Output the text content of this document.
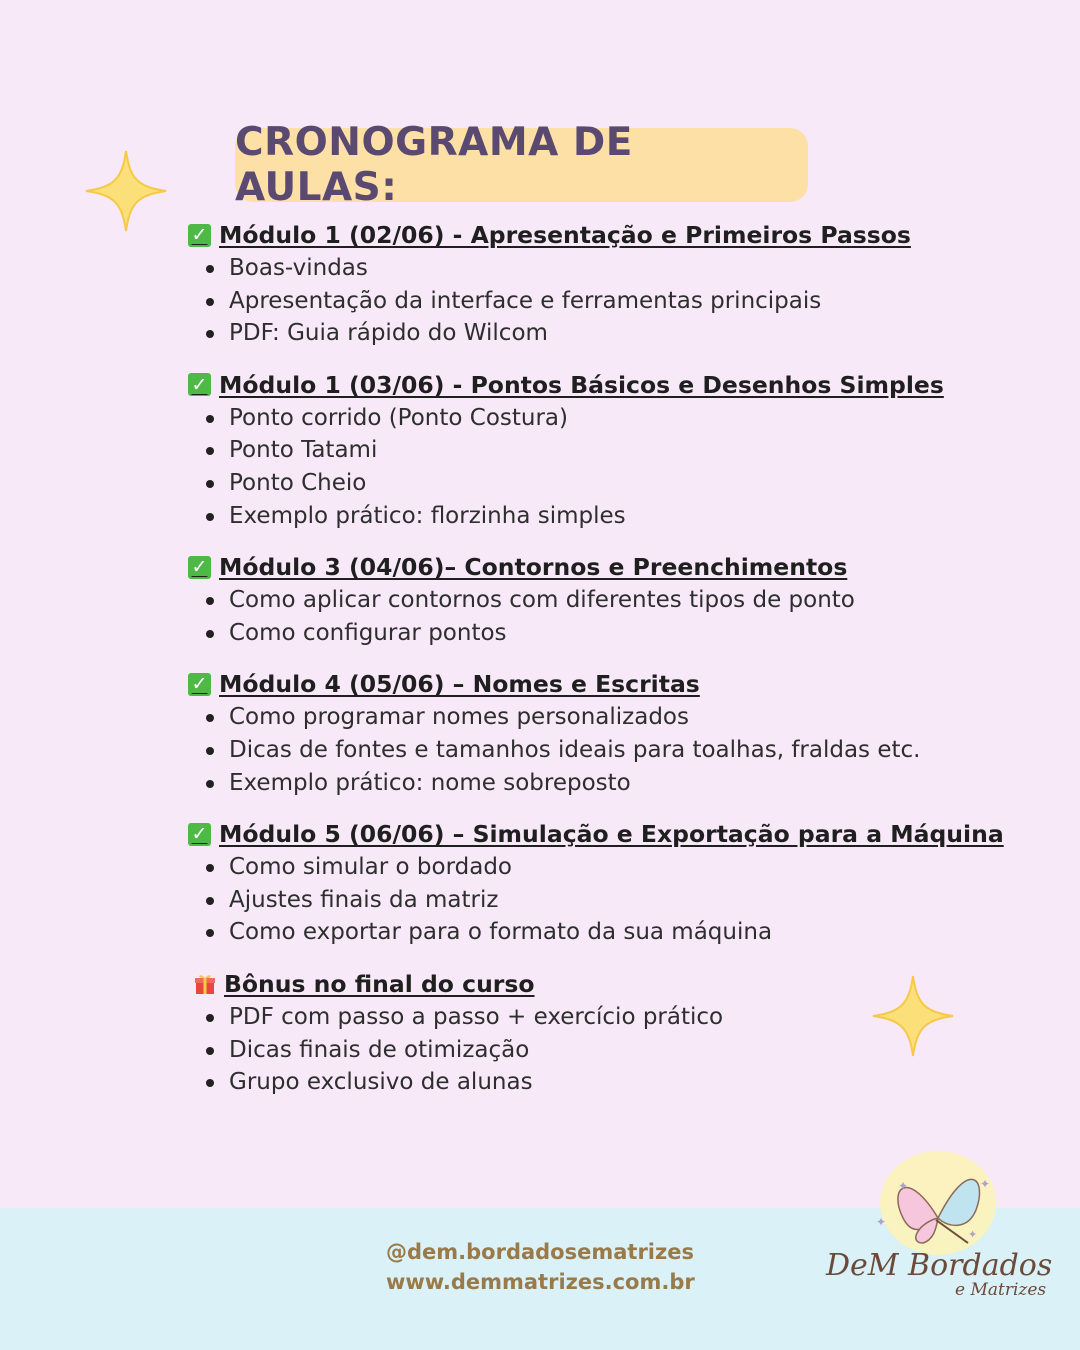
CRONOGRAMA DE AULAS:
✓ Módulo 1 (02/06) - Apresentação e Primeiros Passos
Boas-vindas
Apresentação da interface e ferramentas principais
PDF: Guia rápido do Wilcom
✓ Módulo 1 (03/06) - Pontos Básicos e Desenhos Simples
Ponto corrido (Ponto Costura)
Ponto Tatami
Ponto Cheio
Exemplo prático: florzinha simples
✓ Módulo 3 (04/06)– Contornos e Preenchimentos
Como aplicar contornos com diferentes tipos de ponto
Como configurar pontos
✓ Módulo 4 (05/06) – Nomes e Escritas
Como programar nomes personalizados
Dicas de fontes e tamanhos ideais para toalhas, fraldas etc.
Exemplo prático: nome sobreposto
✓ Módulo 5 (06/06) – Simulação e Exportação para a Máquina
Como simular o bordado
Ajustes finais da matriz
Como exportar para o formato da sua máquina
Bônus no final do curso
PDF com passo a passo + exercício prático
Dicas finais de otimização
Grupo exclusivo de alunas
@dem.bordadosematrizes
www.demmatrizes.com.br
✦	✦
✦
✦
DeM Bordados
e Matrizes
